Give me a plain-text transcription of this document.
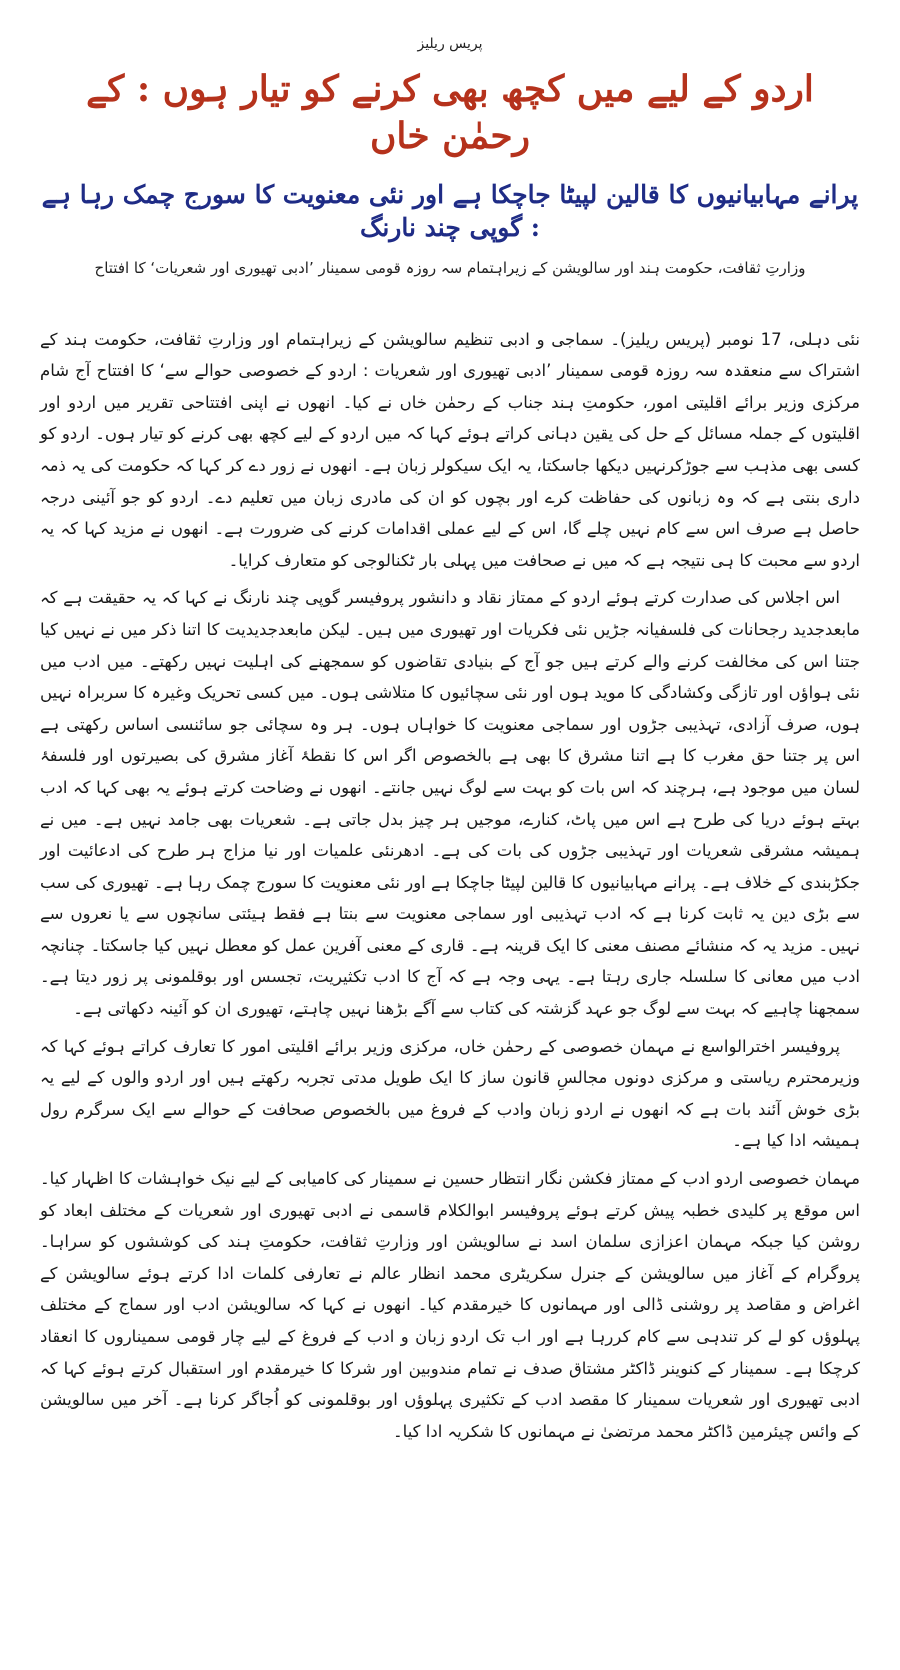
پریس ریلیز
اردو کے لیے میں کچھ بھی کرنے کو تیار ہوں : کے رحمٰن خاں
پرانے مہابیانیوں کا قالین لپیٹا جاچکا ہے اور نئی معنویت کا سورج چمک رہا ہے : گوپی چند نارنگ
وزارتِ ثقافت، حکومت ہند اور سالویشن کے زیراہتمام سہ روزہ قومی سمینار ’ادبی تھیوری اور شعریات‘ کا افتتاح

نئی دہلی، 17 نومبر (پریس ریلیز)۔ سماجی و ادبی تنظیم سالویشن کے زیراہتمام اور وزارتِ ثقافت، حکومت ہند کے اشتراک سے منعقدہ سہ روزہ قومی سمینار ’ادبی تھیوری اور شعریات : اردو کے خصوصی حوالے سے‘ کا افتتاح آج شام مرکزی وزیر برائے اقلیتی امور، حکومتِ ہند جناب کے رحمٰن خاں نے کیا۔ انھوں نے اپنی افتتاحی تقریر میں اردو اور اقلیتوں کے جملہ مسائل کے حل کی یقین دہانی کراتے ہوئے کہا کہ میں اردو کے لیے کچھ بھی کرنے کو تیار ہوں۔ اردو کو کسی بھی مذہب سے جوڑکرنہیں دیکھا جاسکتا، یہ ایک سیکولر زبان ہے۔ انھوں نے زور دے کر کہا کہ حکومت کی یہ ذمہ داری بنتی ہے کہ وہ زبانوں کی حفاظت کرے اور بچوں کو ان کی مادری زبان میں تعلیم دے۔ اردو کو جو آئینی درجہ حاصل ہے صرف اس سے کام نہیں چلے گا، اس کے لیے عملی اقدامات کرنے کی ضرورت ہے۔ انھوں نے مزید کہا کہ یہ اردو سے محبت کا ہی نتیجہ ہے کہ میں نے صحافت میں پہلی بار ٹکنالوجی کو متعارف کرایا۔

اس اجلاس کی صدارت کرتے ہوئے اردو کے ممتاز نقاد و دانشور پروفیسر گوپی چند نارنگ نے کہا کہ یہ حقیقت ہے کہ مابعدجدید رجحانات کی فلسفیانہ جڑیں نئی فکریات اور تھیوری میں ہیں۔ لیکن مابعدجدیدیت کا اتنا ذکر میں نے نہیں کیا جتنا اس کی مخالفت کرنے والے کرتے ہیں جو آج کے بنیادی تقاضوں کو سمجھنے کی اہلیت نہیں رکھتے۔ میں ادب میں نئی ہواؤں اور تازگی وکشادگی کا موید ہوں اور نئی سچائیوں کا متلاشی ہوں۔ میں کسی تحریک وغیرہ کا سربراہ نہیں ہوں، صرف آزادی، تہذیبی جڑوں اور سماجی معنویت کا خواہاں ہوں۔ ہر وہ سچائی جو سائنسی اساس رکھتی ہے اس پر جتنا حق مغرب کا ہے اتنا مشرق کا بھی ہے بالخصوص اگر اس کا نقطۂ آغاز مشرق کی بصیرتوں اور فلسفۂ لسان میں موجود ہے، ہرچند کہ اس بات کو بہت سے لوگ نہیں جانتے۔ انھوں نے وضاحت کرتے ہوئے یہ بھی کہا کہ ادب بہتے ہوئے دریا کی طرح ہے اس میں پاٹ، کنارے، موجیں ہر چیز بدل جاتی ہے۔ شعریات بھی جامد نہیں ہے۔ میں نے ہمیشہ مشرقی شعریات اور تہذیبی جڑوں کی بات کی ہے۔ ادھرنئی علمیات اور نیا مزاج ہر طرح کی ادعائیت اور جکڑبندی کے خلاف ہے۔ پرانے مہابیانیوں کا قالین لپیٹا جاچکا ہے اور نئی معنویت کا سورج چمک رہا ہے۔ تھیوری کی سب سے بڑی دین یہ ثابت کرنا ہے کہ ادب تہذیبی اور سماجی معنویت سے بنتا ہے فقط ہیئتی سانچوں سے یا نعروں سے نہیں۔ مزید یہ کہ منشائے مصنف معنی کا ایک قرینہ ہے۔ قاری کے معنی آفرین عمل کو معطل نہیں کیا جاسکتا۔ چنانچہ ادب میں معانی کا سلسلہ جاری رہتا ہے۔ یہی وجہ ہے کہ آج کا ادب تکثیریت، تجسس اور بوقلمونی پر زور دیتا ہے۔ سمجھنا چاہیے کہ بہت سے لوگ جو عہد گزشتہ کی کتاب سے آگے بڑھنا نہیں چاہتے، تھیوری ان کو آئینہ دکھاتی ہے۔

پروفیسر اخترالواسع نے مہمان خصوصی کے رحمٰن خاں، مرکزی وزیر برائے اقلیتی امور کا تعارف کراتے ہوئے کہا کہ وزیرمحترم ریاستی و مرکزی دونوں مجالسِ قانون ساز کا ایک طویل مدتی تجربہ رکھتے ہیں اور اردو والوں کے لیے یہ بڑی خوش آئند بات ہے کہ انھوں نے اردو زبان وادب کے فروغ میں بالخصوص صحافت کے حوالے سے ایک سرگرم رول ہمیشہ ادا کیا ہے۔

مہمان خصوصی اردو ادب کے ممتاز فکشن نگار انتظار حسین نے سمینار کی کامیابی کے لیے نیک خواہشات کا اظہار کیا۔ اس موقع پر کلیدی خطبہ پیش کرتے ہوئے پروفیسر ابوالکلام قاسمی نے ادبی تھیوری اور شعریات کے مختلف ابعاد کو روشن کیا جبکہ مہمان اعزازی سلمان اسد نے سالویشن اور وزارتِ ثقافت، حکومتِ ہند کی کوششوں کو سراہا۔ پروگرام کے آغاز میں سالویشن کے جنرل سکریٹری محمد انظار عالم نے تعارفی کلمات ادا کرتے ہوئے سالویشن کے اغراض و مقاصد پر روشنی ڈالی اور مہمانوں کا خیرمقدم کیا۔ انھوں نے کہا کہ سالویشن ادب اور سماج کے مختلف پہلوؤں کو لے کر تندہی سے کام کررہا ہے اور اب تک اردو زبان و ادب کے فروغ کے لیے چار قومی سمیناروں کا انعقاد کرچکا ہے۔ سمینار کے کنوینر ڈاکٹر مشتاق صدف نے تمام مندوبین اور شرکا کا خیرمقدم اور استقبال کرتے ہوئے کہا کہ ادبی تھیوری اور شعریات سمینار کا مقصد ادب کے تکثیری پہلوؤں اور بوقلمونی کو اُجاگر کرنا ہے۔ آخر میں سالویشن کے وائس چیئرمین ڈاکٹر محمد مرتضیٰ نے مہمانوں کا شکریہ ادا کیا۔
